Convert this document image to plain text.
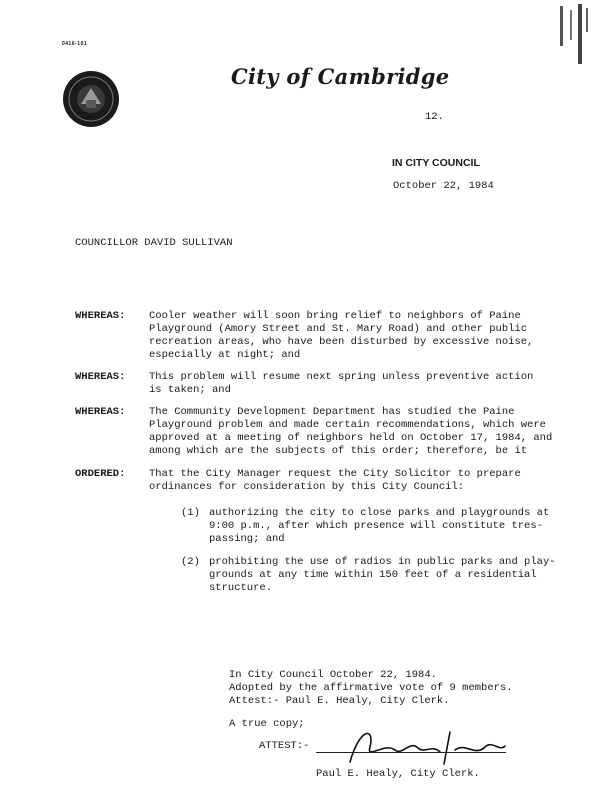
0416-101
City of Cambridge
12.
IN CITY COUNCIL
October 22, 1984
COUNCILLOR DAVID SULLIVAN
WHEREAS: Cooler weather will soon bring relief to neighbors of Paine
Playground (Amory Street and St. Mary Road) and other public
recreation areas, who have been disturbed by excessive noise,
especially at night; and
WHEREAS: This problem will resume next spring unless preventive action
is taken; and
WHEREAS: The Community Development Department has studied the Paine
Playground problem and made certain recommendations, which were
approved at a meeting of neighbors held on October 17, 1984, and
among which are the subjects of this order; therefore, be it
ORDERED: That the City Manager request the City Solicitor to prepare
ordinances for consideration by this City Council:
(1) authorizing the city to close parks and playgrounds at
9:00 p.m., after which presence will constitute tres-
passing; and
(2) prohibiting the use of radios in public parks and play-
grounds at any time within 150 feet of a residential
structure.
In City Council October 22, 1984.
Adopted by the affirmative vote of 9 members.
Attest:- Paul E. Healy, City Clerk.
A true copy;
ATTEST:-
Paul E. Healy, City Clerk.
